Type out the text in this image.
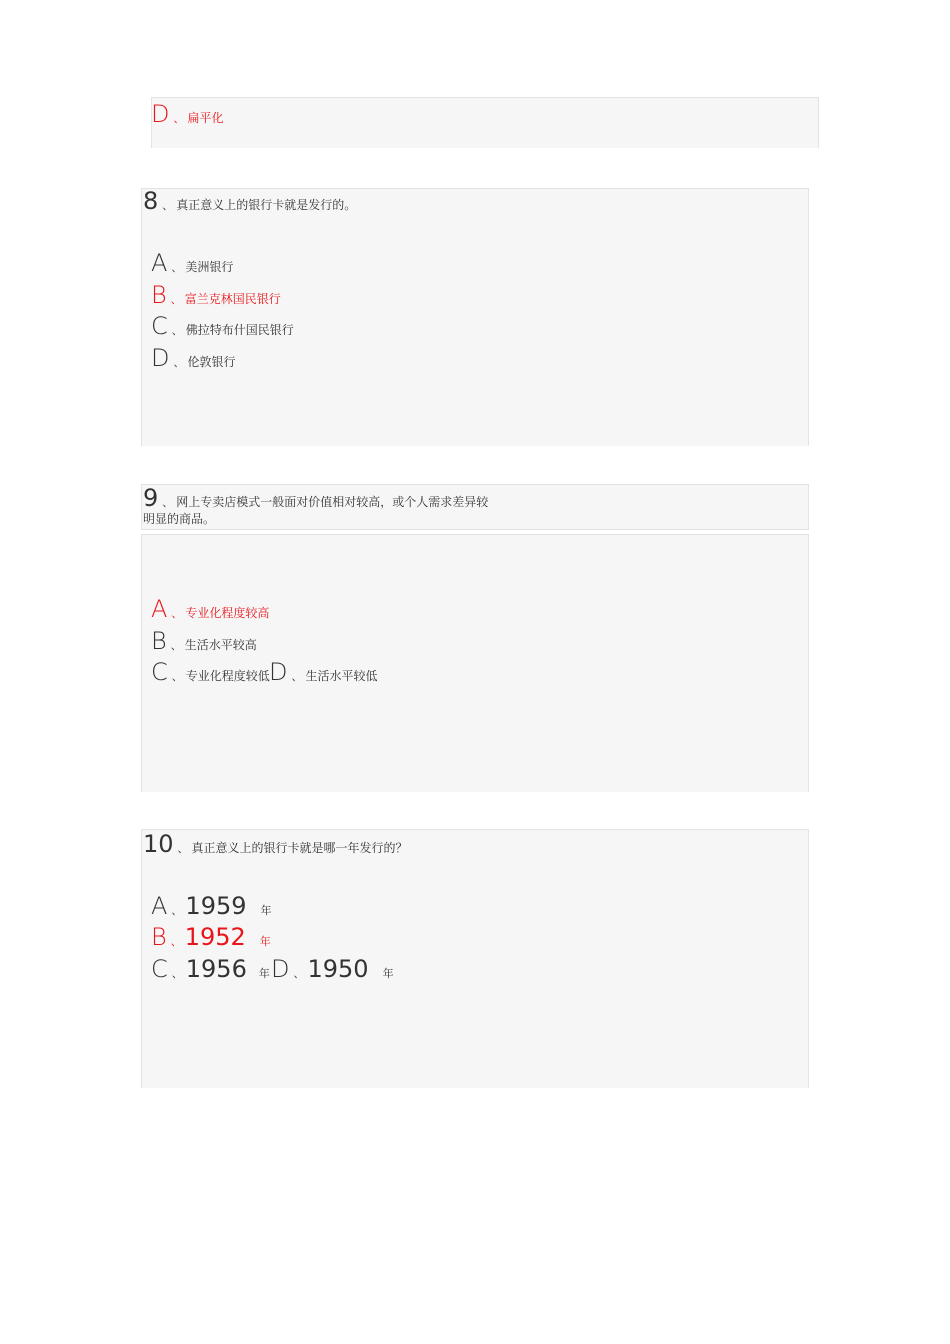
D 、 扁平化
8 、 真正意义上的银行卡就是发行的。
A 、 美洲银行
B 、 富兰克林国民银行
C 、 佛拉特布什国民银行
D 、 伦敦银行
9 、 网上专卖店模式一般面对价值相对较高，或个人需求差异较
明显的商品。
A 、 专业化程度较高
B 、 生活水平较高
C 、 专业化程度较低 D 、 生活水平较低
10 、 真正意义上的银行卡就是哪一年发行的？
A 、 1959 年
B 、 1952 年
C 、 1956 年 D 、 1950 年
